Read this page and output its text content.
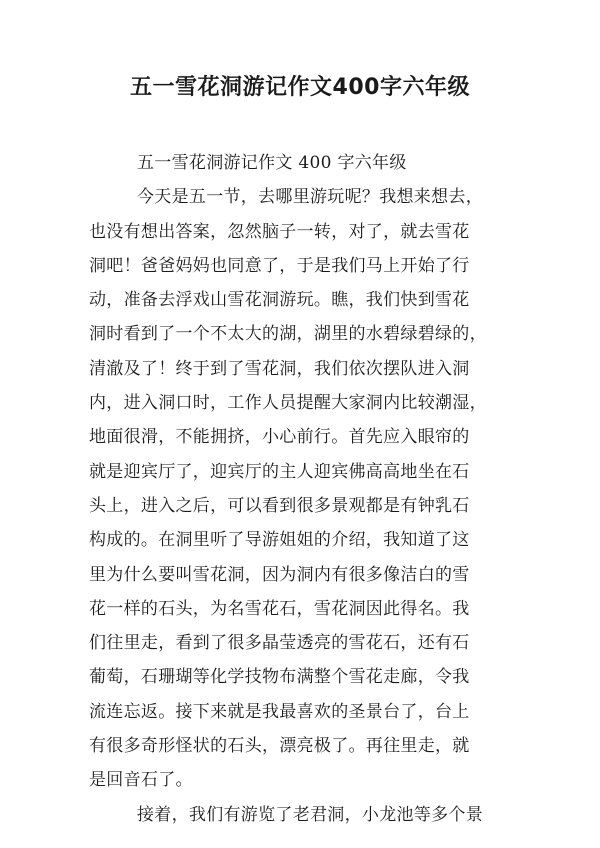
五一雪花洞游记作文400字六年级

五一雪花洞游记作文 400 字六年级

今天是五一节，去哪里游玩呢？我想来想去，
也没有想出答案，忽然脑子一转，对了，就去雪花
洞吧！爸爸妈妈也同意了，于是我们马上开始了行
动，准备去浮戏山雪花洞游玩。瞧，我们快到雪花
洞时看到了一个不太大的湖，湖里的水碧绿碧绿的，
清澈及了！终于到了雪花洞，我们依次摆队进入洞
内，进入洞口时，工作人员提醒大家洞内比较潮湿，
地面很滑，不能拥挤，小心前行。首先应入眼帘的
就是迎宾厅了，迎宾厅的主人迎宾佛高高地坐在石
头上，进入之后，可以看到很多景观都是有钟乳石
构成的。在洞里听了导游姐姐的介绍，我知道了这
里为什么要叫雪花洞，因为洞内有很多像洁白的雪
花一样的石头，为名雪花石，雪花洞因此得名。我
们往里走，看到了很多晶莹透亮的雪花石，还有石
葡萄，石珊瑚等化学技物布满整个雪花走廊，令我
流连忘返。接下来就是我最喜欢的圣景台了，台上
有很多奇形怪状的石头，漂亮极了。再往里走，就
是回音石了。

接着，我们有游览了老君洞，小龙池等多个景
